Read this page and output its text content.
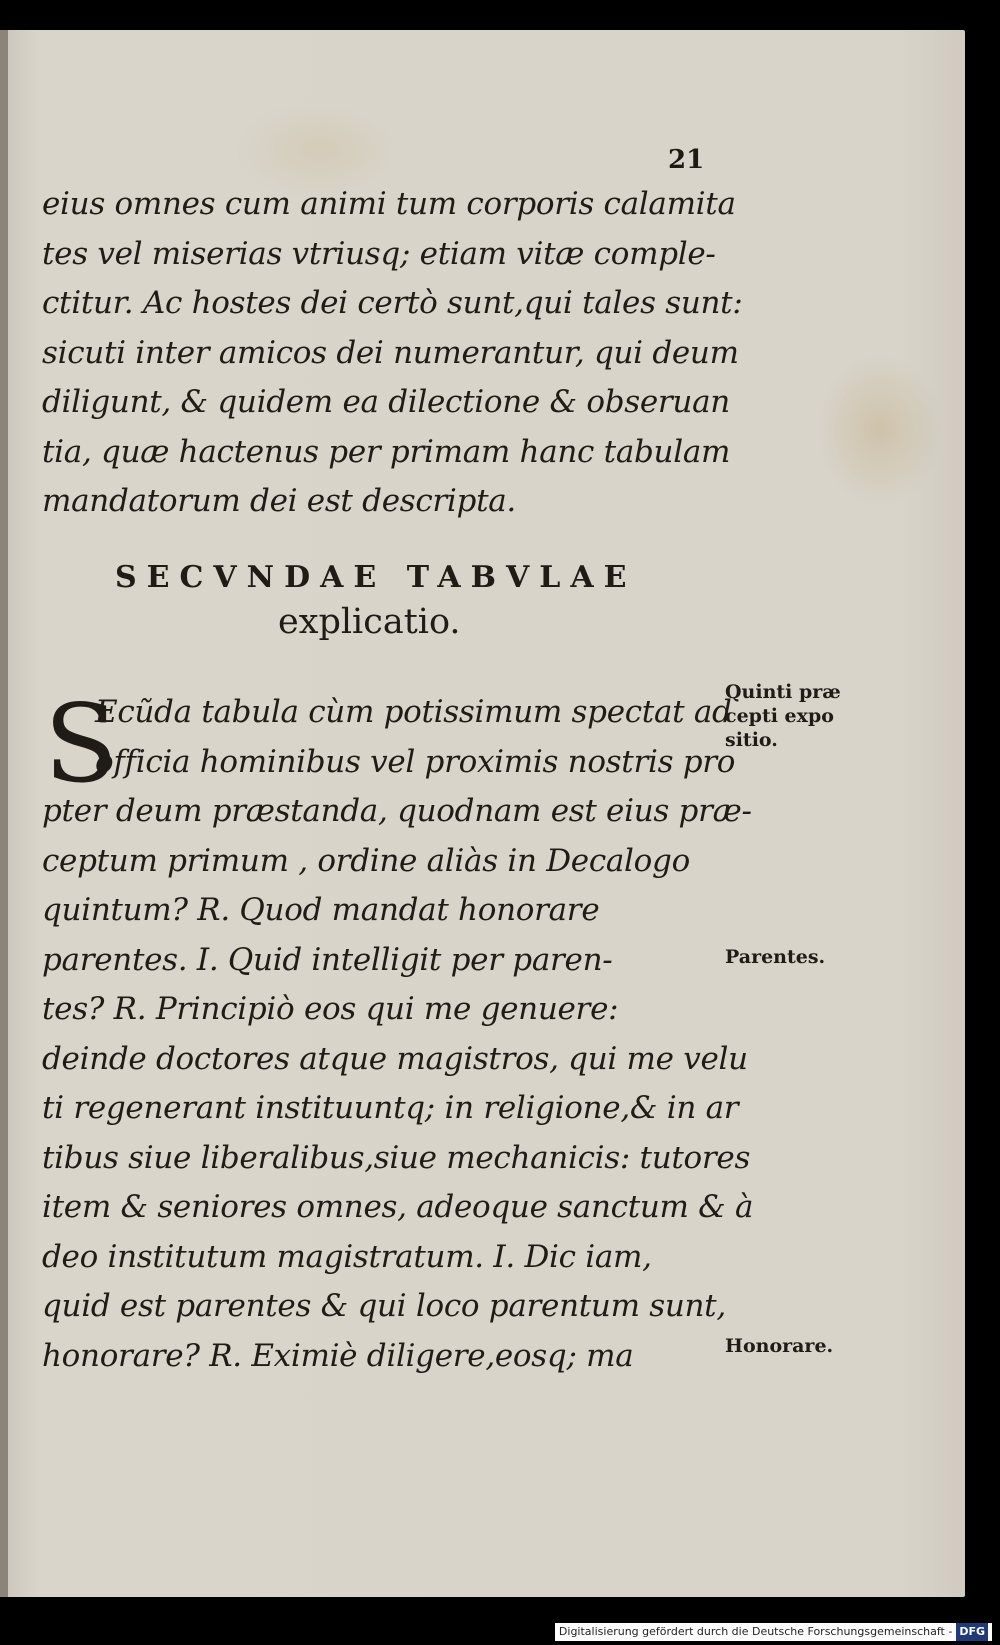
21
eius omnes cum animi tum corporis calamita
tes vel miserias vtriusq; etiam vitæ comple-
ctitur. Ac hostes dei certò sunt,qui tales sunt:
sicuti inter amicos dei numerantur, qui deum
diligunt, & quidem ea dilectione & obseruan
tia, quæ hactenus per primam hanc tabulam
mandatorum dei est descripta.
SECVNDAE TABVLAE
explicatio.
S
Ecũda tabula cùm potissimum spectat ad
officia hominibus vel proximis nostris pro
pter deum præstanda, quodnam est eius præ-
ceptum primum , ordine aliàs in Decalogo
quintum? R. Quod mandat honorare
parentes. I. Quid intelligit per paren-
tes? R. Principiò eos qui me genuere:
deinde doctores atque magistros, qui me velu
ti regenerant instituuntq; in religione,& in ar
tibus siue liberalibus,siue mechanicis: tutores
item & seniores omnes, adeoque sanctum & à
deo institutum magistratum. I. Dic iam,
quid est parentes & qui loco parentum sunt,
honorare? R. Eximiè diligere,eosq; ma
Quinti præ
cepti expo
sitio.
Parentes.
Honorare.
Digitalisierung gefördert durch die Deutsche Forschungsgemeinschaft - DFG
